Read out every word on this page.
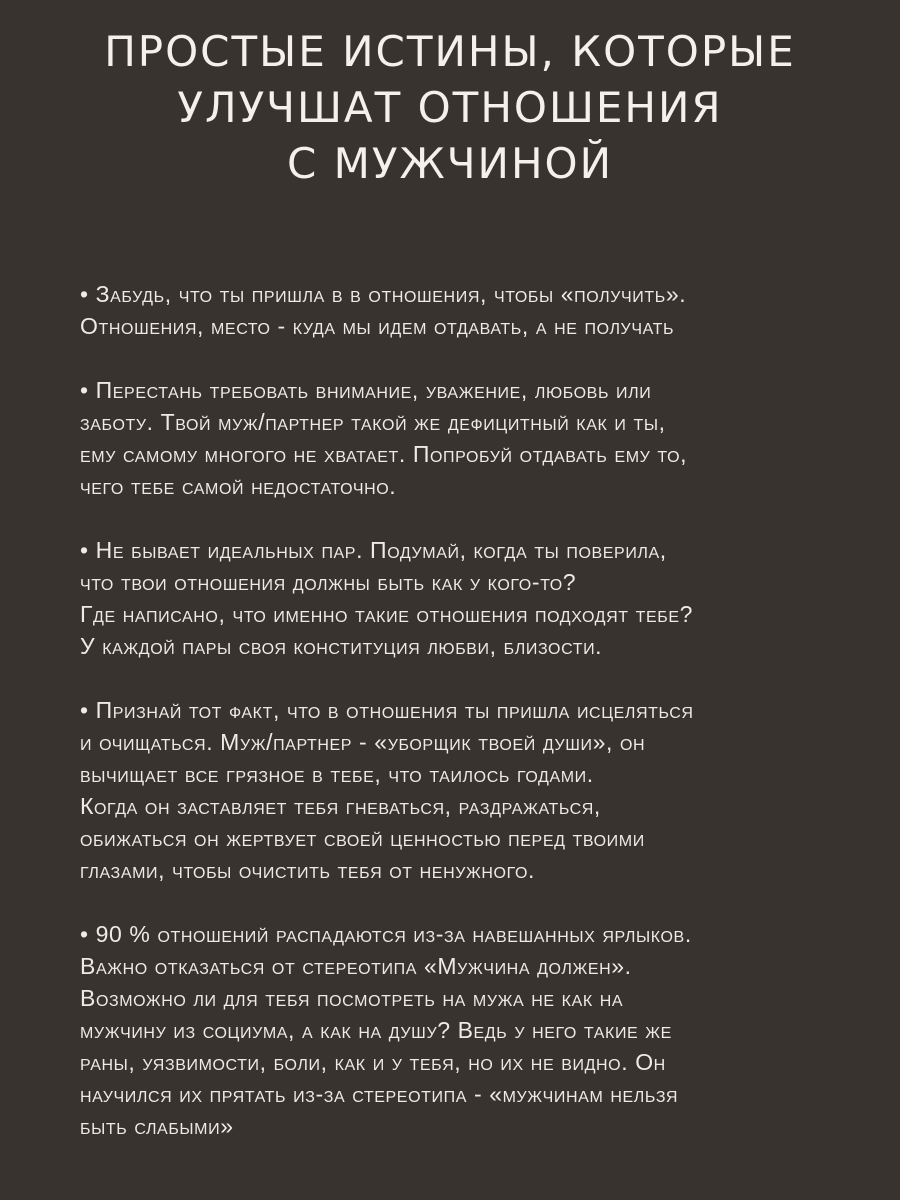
ПРОСТЫЕ ИСТИНЫ, КОТОРЫЕ
УЛУЧШАТ ОТНОШЕНИЯ
С МУЖЧИНОЙ

• Забудь, что ты пришла в в отношения, чтобы «получить».
Отношения, место - куда мы идем отдавать, а не получать

• Перестань требовать внимание, уважение, любовь или
заботу. Твой муж/партнер такой же дефицитный как и ты,
ему самому многого не хватает. Попробуй отдавать ему то,
чего тебе самой недостаточно.

• Не бывает идеальных пар. Подумай, когда ты поверила,
что твои отношения должны быть как у кого-то?
Где написано, что именно такие отношения подходят тебе?
У каждой пары своя конституция любви, близости.

• Признай тот факт, что в отношения ты пришла исцеляться
и очищаться. Муж/партнер - «уборщик твоей души», он
вычищает все грязное в тебе, что таилось годами.
Когда он заставляет тебя гневаться, раздражаться,
обижаться он жертвует своей ценностью перед твоими
глазами, чтобы очистить тебя от ненужного.

• 90 % отношений распадаются из-за навешанных ярлыков.
Важно отказаться от стереотипа «Мужчина должен».
Возможно ли для тебя посмотреть на мужа не как на
мужчину из социума, а как на душу? Ведь у него такие же
раны, уязвимости, боли, как и у тебя, но их не видно. Он
научился их прятать из-за стереотипа - «мужчинам нельзя
быть слабыми»
